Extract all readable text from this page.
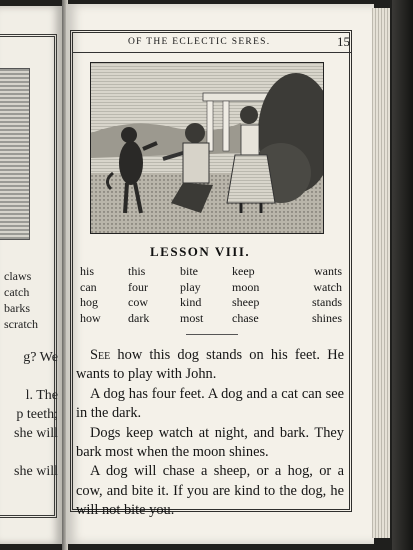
claws
catch
barks
scratch
g? We
l. The
p teeth;
she will
she will
OF THE ECLECTIC SERES.	15
LESSON VIII.
his	this	bite	keep	wants
can	four	play	moon	watch
hog	cow	kind	sheep	stands
how	dark	most	chase	shines

See how this dog stands on his feet. He wants to play with John.

A dog has four feet. A dog and a cat can see in the dark.

Dogs keep watch at night, and bark. They bark most when the moon shines.

A dog will chase a sheep, or a hog, or a cow, and bite it. If you are kind to the dog, he will not bite you.
